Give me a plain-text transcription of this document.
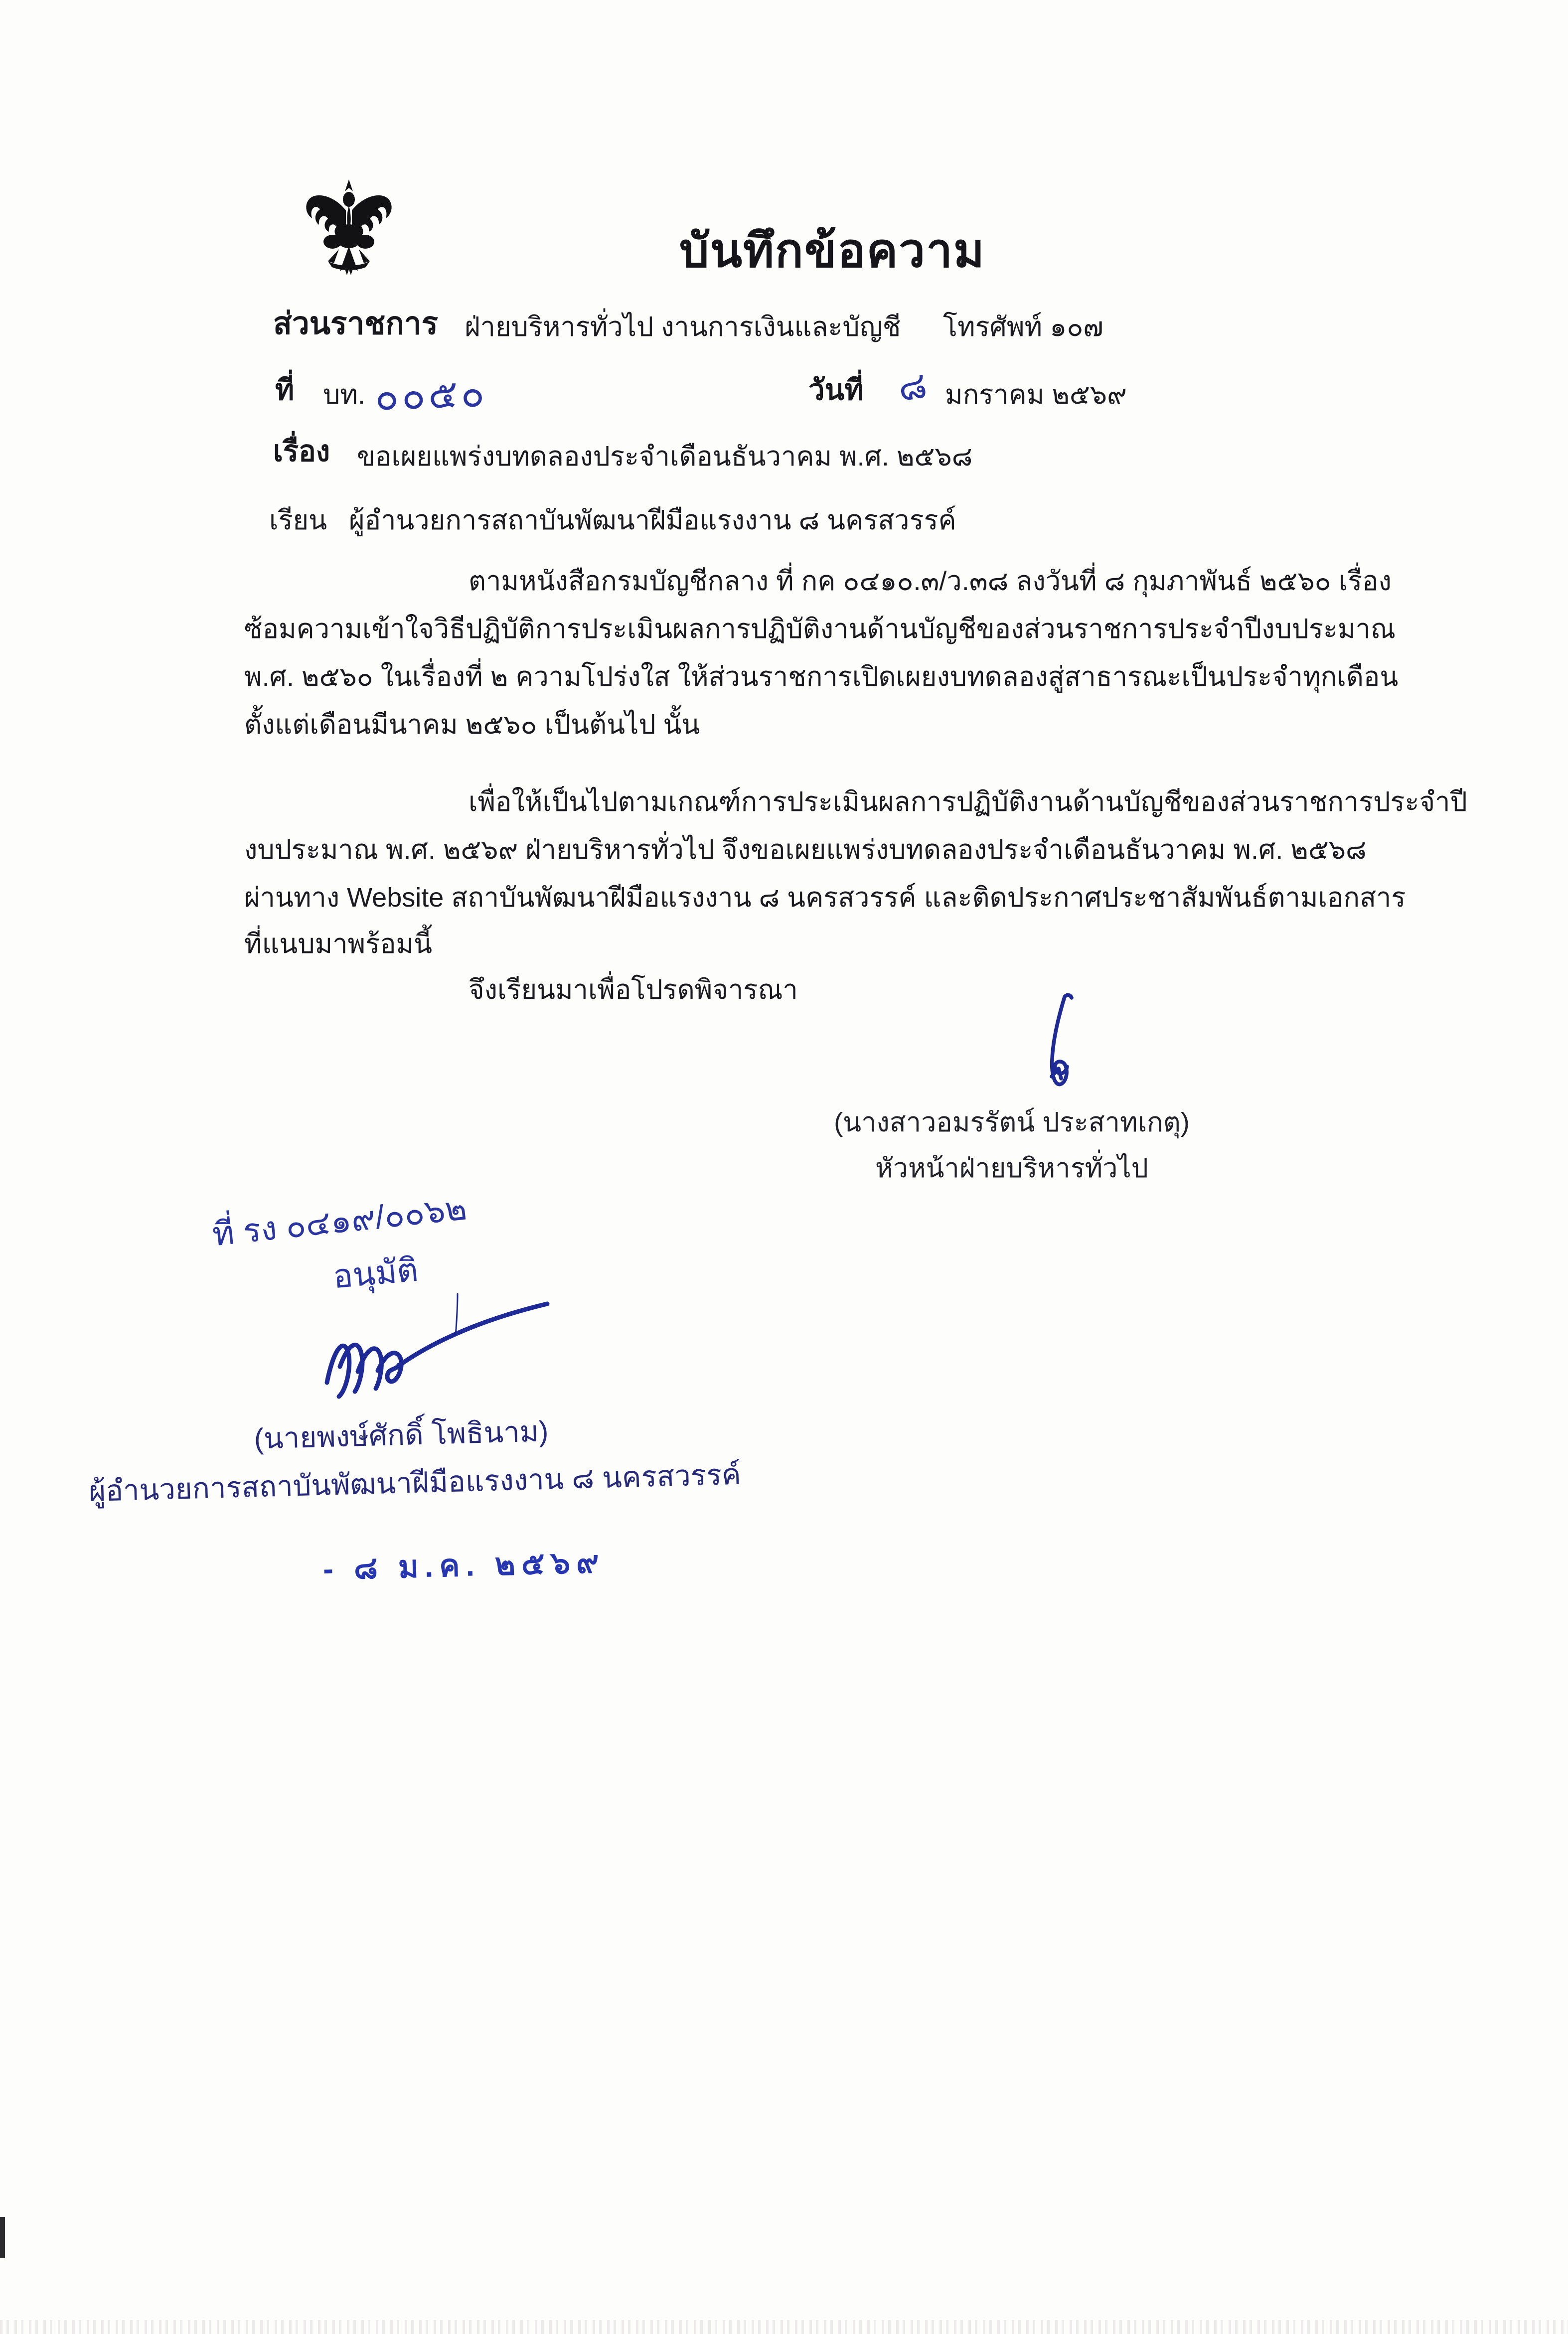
บันทึกข้อความ
ส่วนราชการ ฝ่ายบริหารทั่วไป งานการเงินและบัญชี โทรศัพท์ ๑๐๗
ที่ บท. ๐๐๕๐	วันที่ ๘ มกราคม ๒๕๖๙
เรื่อง ขอเผยแพร่งบทดลองประจำเดือนธันวาคม พ.ศ. ๒๕๖๘
เรียน ผู้อำนวยการสถาบันพัฒนาฝีมือแรงงาน ๘ นครสวรรค์
ตามหนังสือกรมบัญชีกลาง ที่ กค ๐๔๑๐.๓/ว.๓๘ ลงวันที่ ๘ กุมภาพันธ์ ๒๕๖๐ เรื่อง
ซ้อมความเข้าใจวิธีปฏิบัติการประเมินผลการปฏิบัติงานด้านบัญชีของส่วนราชการประจำปีงบประมาณ
พ.ศ. ๒๕๖๐ ในเรื่องที่ ๒ ความโปร่งใส ให้ส่วนราชการเปิดเผยงบทดลองสู่สาธารณะเป็นประจำทุกเดือน
ตั้งแต่เดือนมีนาคม ๒๕๖๐ เป็นต้นไป นั้น
เพื่อให้เป็นไปตามเกณฑ์การประเมินผลการปฏิบัติงานด้านบัญชีของส่วนราชการประจำปี
งบประมาณ พ.ศ. ๒๕๖๙ ฝ่ายบริหารทั่วไป จึงขอเผยแพร่งบทดลองประจำเดือนธันวาคม พ.ศ. ๒๕๖๘
ผ่านทาง Website สถาบันพัฒนาฝีมือแรงงาน ๘ นครสวรรค์ และติดประกาศประชาสัมพันธ์ตามเอกสาร
ที่แนบมาพร้อมนี้
จึงเรียนมาเพื่อโปรดพิจารณา
(นางสาวอมรรัตน์ ประสาทเกตุ)
หัวหน้าฝ่ายบริหารทั่วไป
ที่ รง ๐๔๑๙/๐๐๖๒
อนุมัติ
(นายพงษ์ศักดิ์ โพธินาม)
ผู้อำนวยการสถาบันพัฒนาฝีมือแรงงาน ๘ นครสวรรค์
- ๘ ม.ค. ๒๕๖๙
